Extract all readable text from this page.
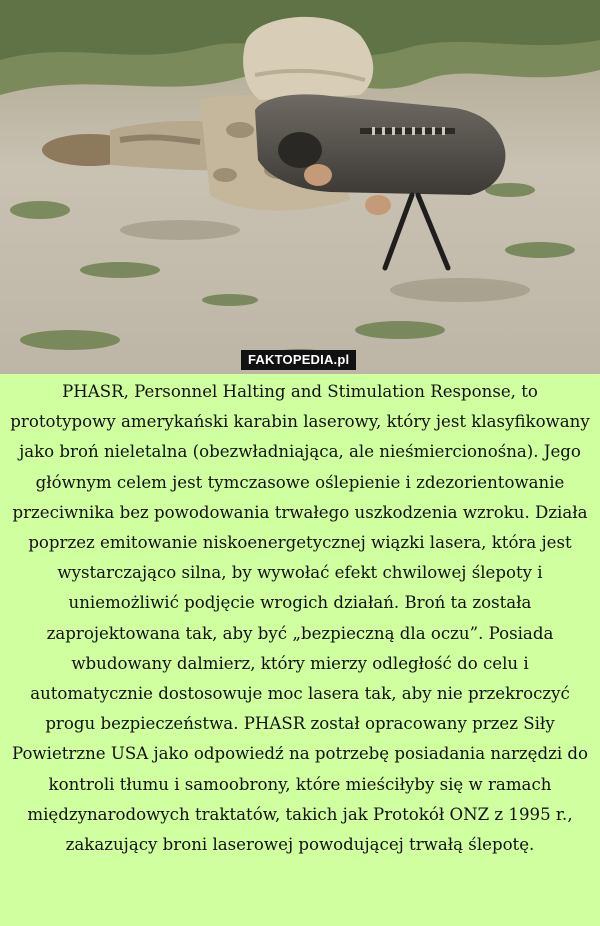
FAKTOPEDIA.pl
PHASR, Personnel Halting and Stimulation Response, to prototypowy amerykański karabin laserowy, który jest klasyfikowany jako broń nieletalna (obezwładniająca, ale nieśmiercionośna). Jego głównym celem jest tymczasowe oślepienie i zdezorientowanie przeciwnika bez powodowania trwałego uszkodzenia wzroku. Działa poprzez emitowanie niskoenergetycznej wiązki lasera, która jest wystarczająco silna, by wywołać efekt chwilowej ślepoty i uniemożliwić podjęcie wrogich działań. Broń ta została zaprojektowana tak, aby być „bezpieczną dla oczu”. Posiada wbudowany dalmierz, który mierzy odległość do celu i automatycznie dostosowuje moc lasera tak, aby nie przekroczyć progu bezpieczeństwa. PHASR został opracowany przez Siły Powietrzne USA jako odpowiedź na potrzebę posiadania narzędzi do kontroli tłumu i samoobrony, które mieściłyby się w ramach międzynarodowych traktatów, takich jak Protokół ONZ z 1995 r., zakazujący broni laserowej powodującej trwałą ślepotę.
